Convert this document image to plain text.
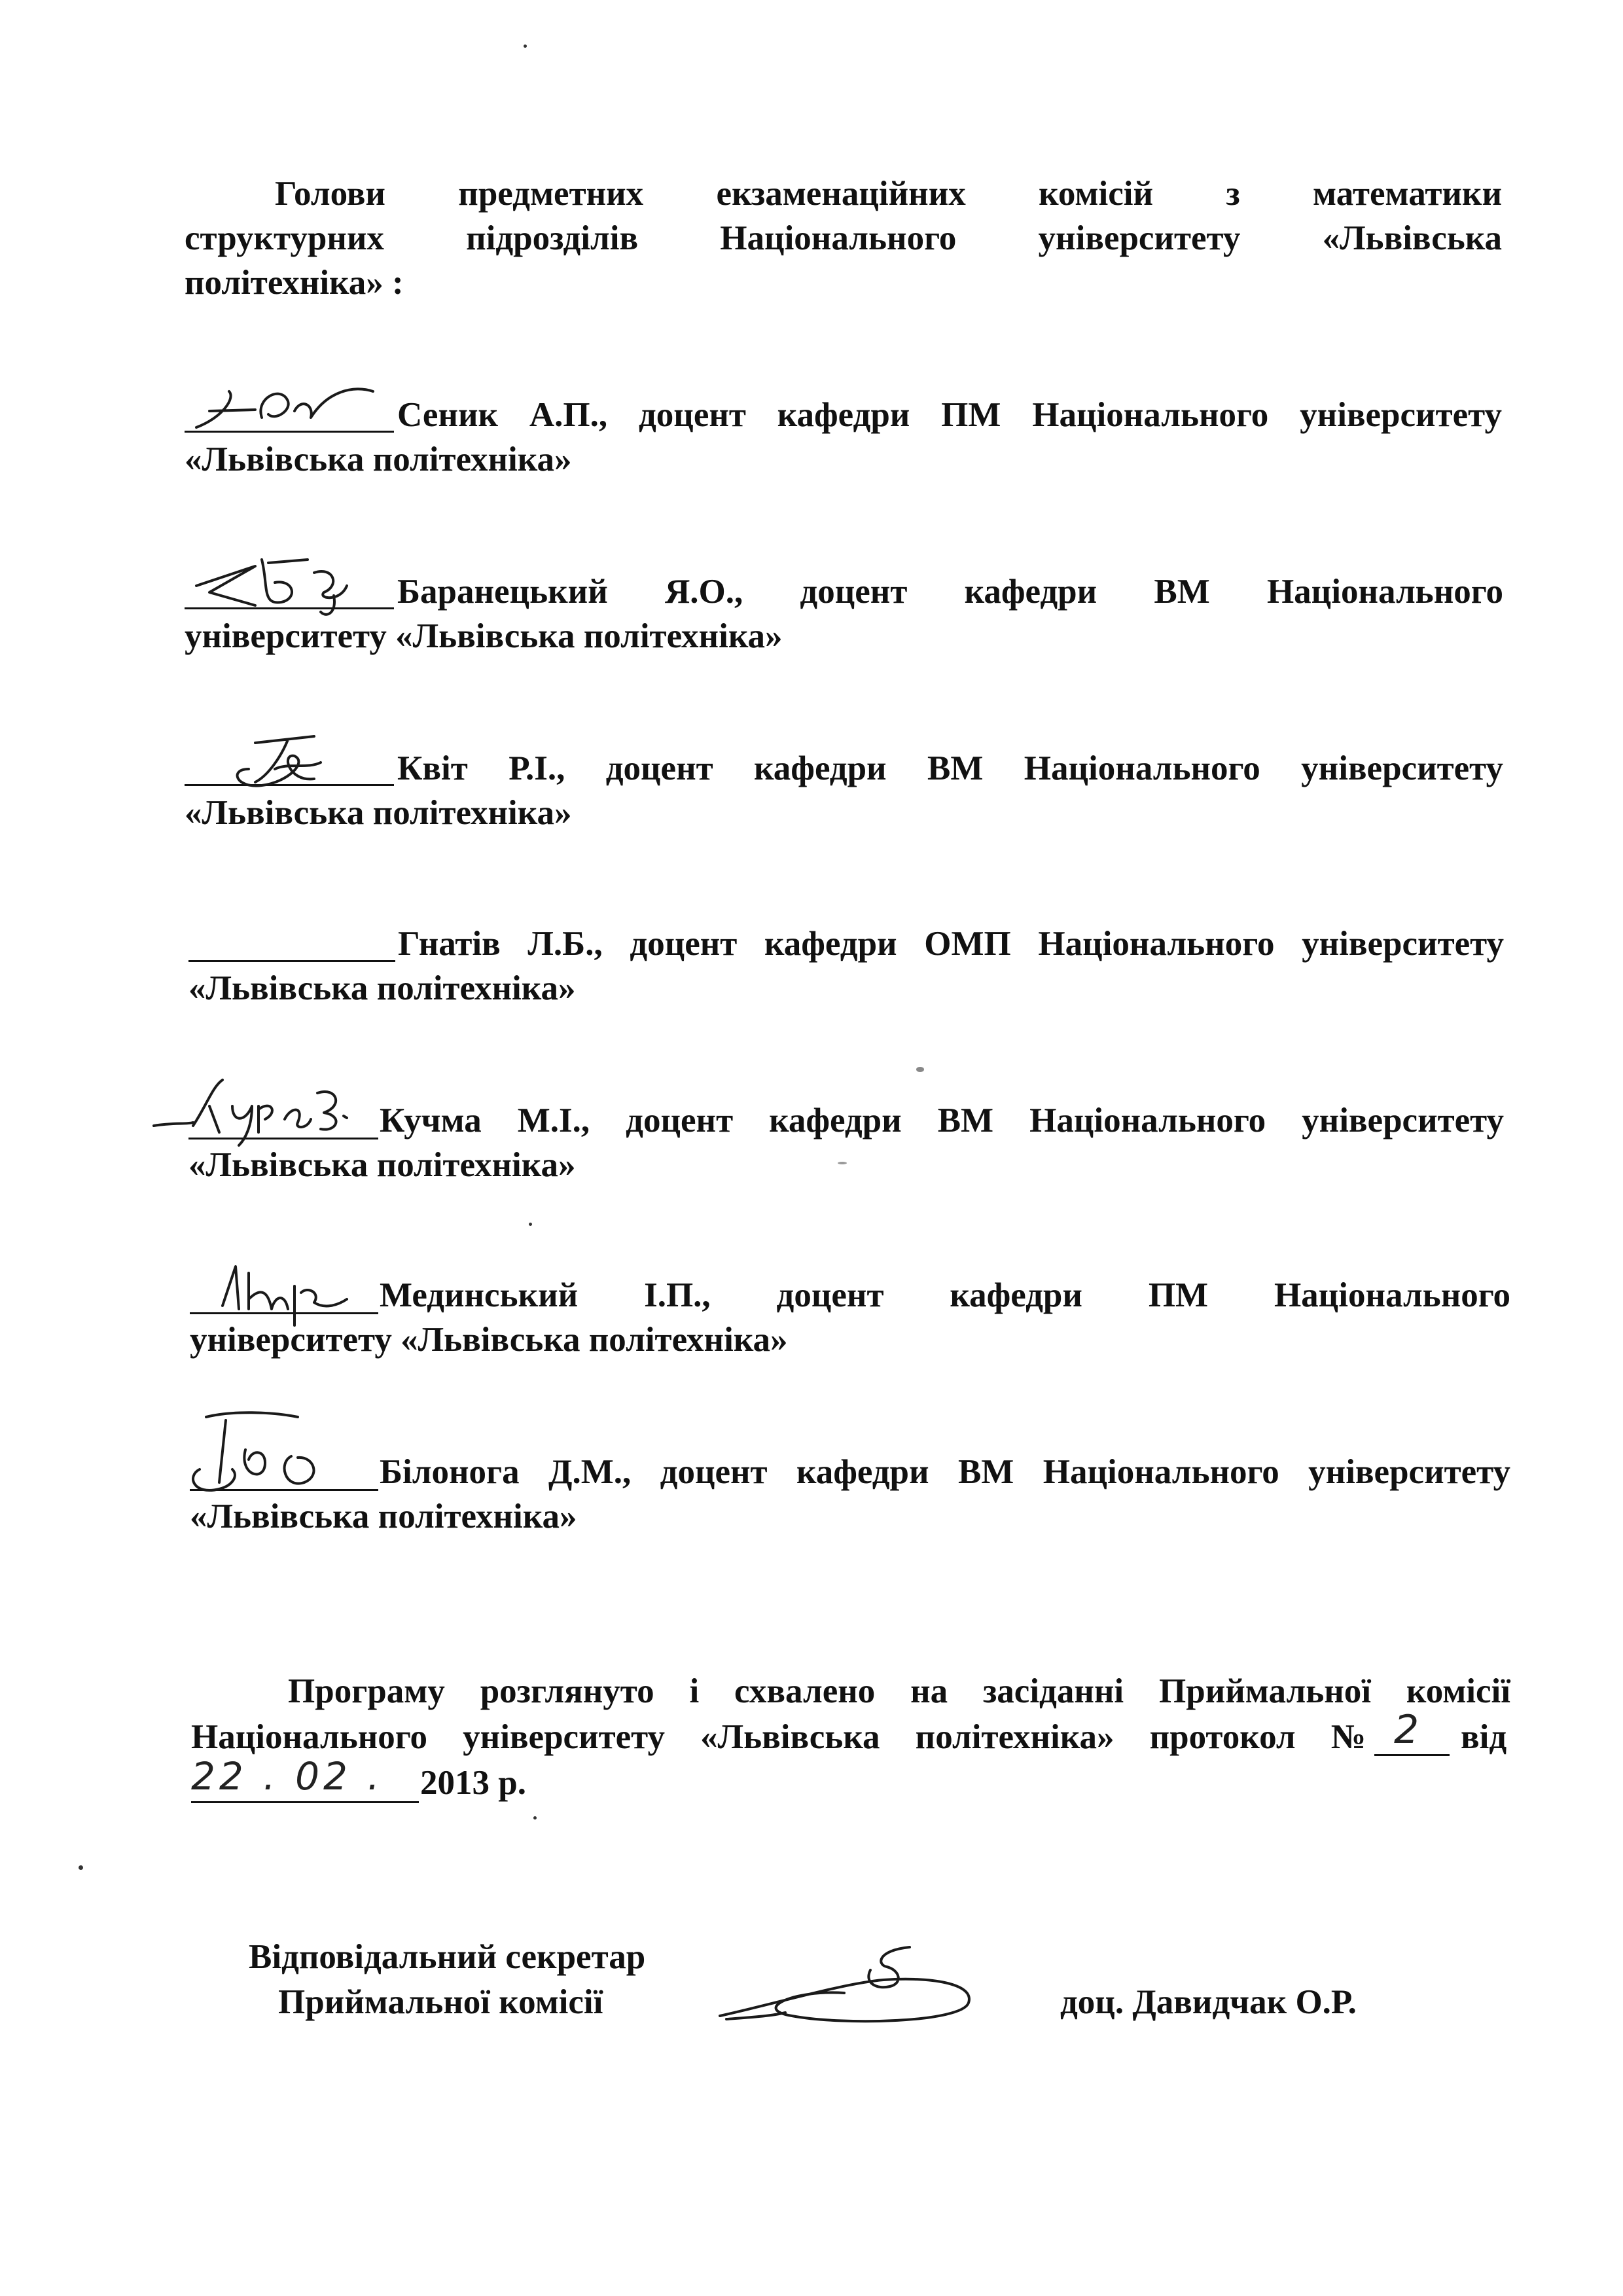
Голови предметних екзаменаційних комісій з математики
структурних підрозділів Національного університету «Львівська
політехніка» :
Сеник А.П., доцент кафедри ПМ Національного університету
«Львівська політехніка»
Баранецький Я.О., доцент кафедри ВМ Національного
університету «Львівська політехніка»
Квіт Р.І., доцент кафедри ВМ Національного університету
«Львівська політехніка»
Гнатів Л.Б., доцент кафедри ОМП Національного університету
«Львівська політехніка»
Кучма М.І., доцент кафедри ВМ Національного університету
«Львівська політехніка»
Мединський І.П., доцент кафедри ПМ Національного
університету «Львівська політехніка»
Білонога Д.М., доцент кафедри ВМ Національного університету
«Львівська політехніка»
Програму розглянуто і схвалено на засіданні Приймальної комісії
Національного університету «Львівська політехніка» протокол № 2 від
22 . 02 . 2013 р.
Відповідальний секретар
Приймальної комісії	доц. Давидчак О.Р.
